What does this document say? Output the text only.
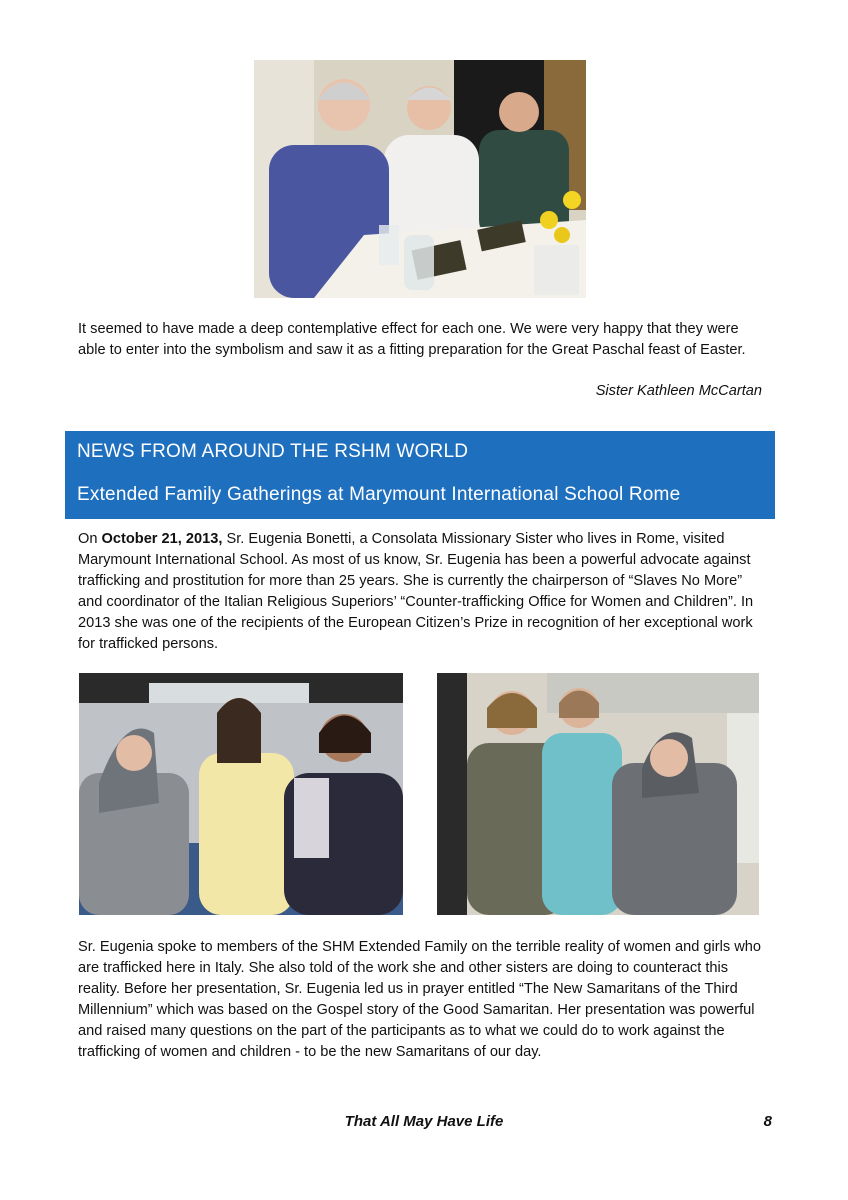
It seemed to have made a deep contemplative effect for each one. We were very happy that they were able to enter into the symbolism and saw it as a fitting preparation for the Great Paschal feast of Easter.

Sister Kathleen McCartan
NEWS FROM AROUND THE RSHM WORLD
Extended Family Gatherings at Marymount International School Rome

On October 21, 2013, Sr. Eugenia Bonetti, a Consolata Missionary Sister who lives in Rome, visited Marymount International School. As most of us know, Sr. Eugenia has been a powerful advocate against trafficking and prostitution for more than 25 years. She is currently the chairperson of “Slaves No More” and coordinator of the Italian Religious Superiors’ “Counter-trafficking Office for Women and Children”. In 2013 she was one of the recipients of the European Citizen’s Prize in recognition of her exceptional work for trafficked persons.

Sr. Eugenia spoke to members of the SHM Extended Family on the terrible reality of women and girls who are trafficked here in Italy. She also told of the work she and other sisters are doing to counteract this reality. Before her presentation, Sr. Eugenia led us in prayer entitled “The New Samaritans of the Third Millennium” which was based on the Gospel story of the Good Samaritan. Her presentation was powerful and raised many questions on the part of the participants as to what we could do to work against the trafficking of women and children - to be the new Samaritans of our day.

That All May Have Life	8
